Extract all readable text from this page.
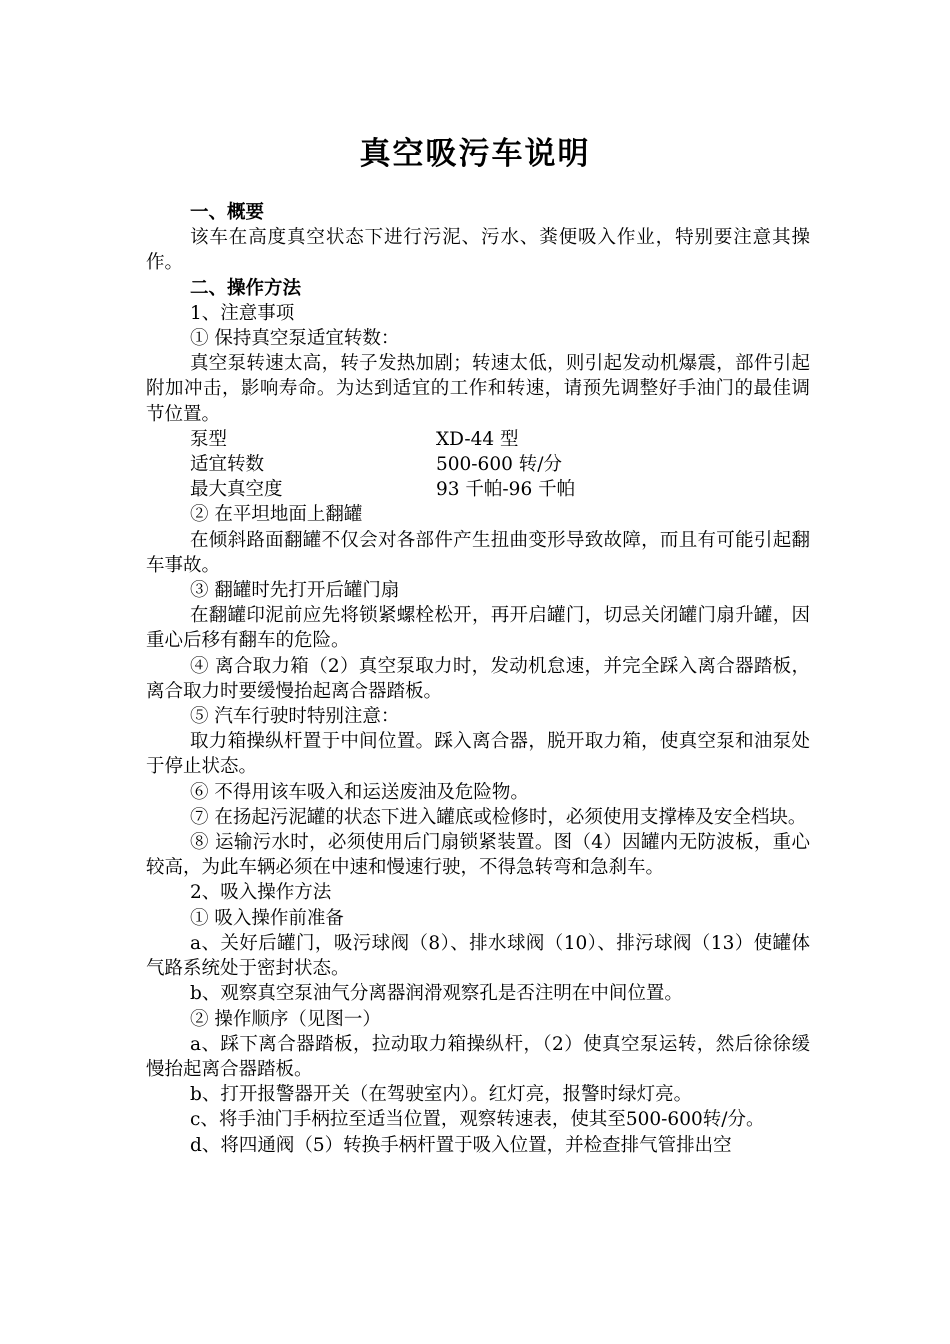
真空吸污车说明

一、概要

该车在高度真空状态下进行污泥、污水、粪便吸入作业，特别要注意其操作。

二、操作方法

1、注意事项

① 保持真空泵适宜转数：

真空泵转速太高，转子发热加剧；转速太低，则引起发动机爆震，部件引起附加冲击，影响寿命。为达到适宜的工作和转速，请预先调整好手油门的最佳调节位置。

泵型	XD-44 型
适宜转数	500-600 转/分
最大真空度	93 千帕-96 千帕

② 在平坦地面上翻罐

在倾斜路面翻罐不仅会对各部件产生扭曲变形导致故障，而且有可能引起翻车事故。

③ 翻罐时先打开后罐门扇

在翻罐印泥前应先将锁紧螺栓松开，再开启罐门，切忌关闭罐门扇升罐，因重心后移有翻车的危险。

④ 离合取力箱（2）真空泵取力时，发动机怠速，并完全踩入离合器踏板，离合取力时要缓慢抬起离合器踏板。

⑤ 汽车行驶时特别注意：

取力箱操纵杆置于中间位置。踩入离合器，脱开取力箱，使真空泵和油泵处于停止状态。

⑥ 不得用该车吸入和运送废油及危险物。

⑦ 在扬起污泥罐的状态下进入罐底或检修时，必须使用支撑棒及安全档块。

⑧ 运输污水时，必须使用后门扇锁紧装置。图（4）因罐内无防波板，重心较高，为此车辆必须在中速和慢速行驶，不得急转弯和急刹车。

2、吸入操作方法

① 吸入操作前准备

a、关好后罐门，吸污球阀（8）、排水球阀（10）、排污球阀（13）使罐体气路系统处于密封状态。

b、观察真空泵油气分离器润滑观察孔是否注明在中间位置。

② 操作顺序（见图一）

a、踩下离合器踏板，拉动取力箱操纵杆，（2）使真空泵运转，然后徐徐缓慢抬起离合器踏板。

b、打开报警器开关（在驾驶室内）。红灯亮，报警时绿灯亮。

c、将手油门手柄拉至适当位置，观察转速表，使其至500-600转/分。

d、将四通阀（5）转换手柄杆置于吸入位置，并检查排气管排出空
